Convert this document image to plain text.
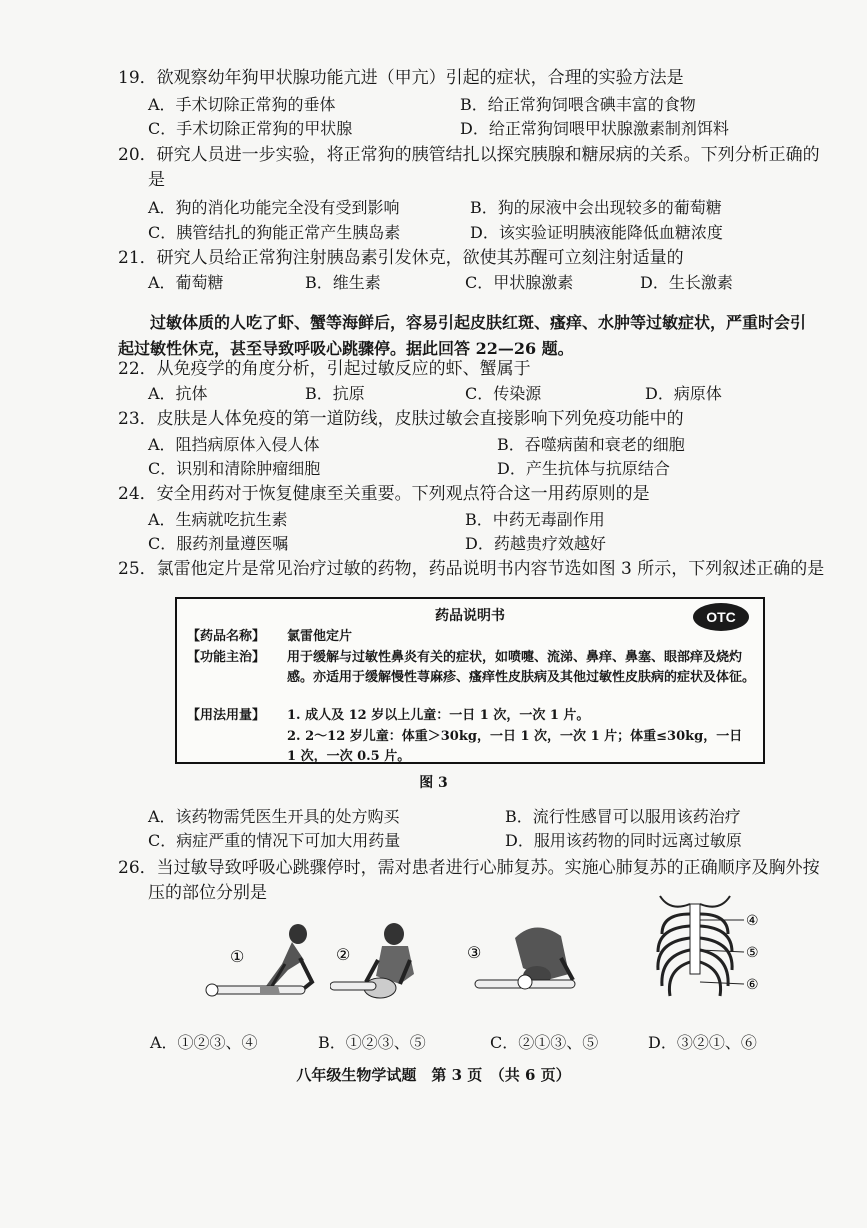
19．欲观察幼年狗甲状腺功能亢进（甲亢）引起的症状，合理的实验方法是
A．手术切除正常狗的垂体	B．给正常狗饲喂含碘丰富的食物
C．手术切除正常狗的甲状腺	D．给正常狗饲喂甲状腺激素制剂饵料
20．研究人员进一步实验，将正常狗的胰管结扎以探究胰腺和糖尿病的关系。下列分析正确的
是
A．狗的消化功能完全没有受到影响	B．狗的尿液中会出现较多的葡萄糖
C．胰管结扎的狗能正常产生胰岛素	D．该实验证明胰液能降低血糖浓度
21．研究人员给正常狗注射胰岛素引发休克，欲使其苏醒可立刻注射适量的
A．葡萄糖	B．维生素	C．甲状腺激素	D．生长激素
过敏体质的人吃了虾、蟹等海鲜后，容易引起皮肤红斑、瘙痒、水肿等过敏症状，严重时会引起过敏性休克，甚至导致呼吸心跳骤停。据此回答 22—26 题。
22．从免疫学的角度分析，引起过敏反应的虾、蟹属于
A．抗体	B．抗原	C．传染源	D．病原体
23．皮肤是人体免疫的第一道防线，皮肤过敏会直接影响下列免疫功能中的
A．阻挡病原体入侵人体	B．吞噬病菌和衰老的细胞
C．识别和清除肿瘤细胞	D．产生抗体与抗原结合
24．安全用药对于恢复健康至关重要。下列观点符合这一用药原则的是
A．生病就吃抗生素	B．中药无毒副作用
C．服药剂量遵医嘱	D．药越贵疗效越好
25．氯雷他定片是常见治疗过敏的药物，药品说明书内容节选如图 3 所示，下列叙述正确的是
药品说明书	OTC
【药品名称】 氯雷他定片
【功能主治】 用于缓解与过敏性鼻炎有关的症状，如喷嚏、流涕、鼻痒、鼻塞、眼部痒及烧灼感。亦适用于缓解慢性荨麻疹、瘙痒性皮肤病及其他过敏性皮肤病的症状及体征。
【用法用量】 1. 成人及 12 岁以上儿童：一日 1 次，一次 1 片。
2. 2～12 岁儿童：体重＞30kg，一日 1 次，一次 1 片；体重≤30kg，一日 1 次，一次 0.5 片。
图 3
A．该药物需凭医生开具的处方购买	B．流行性感冒可以服用该药治疗
C．病症严重的情况下可加大用药量	D．服用该药物的同时远离过敏原
26．当过敏导致呼吸心跳骤停时，需对患者进行心肺复苏。实施心肺复苏的正确顺序及胸外按
压的部位分别是
①	②	③
④
⑤
⑥
A．①②③、④	B．①②③、⑤	C．②①③、⑤	D．③②①、⑥
八年级生物学试题　第 3 页　（共 6 页）
